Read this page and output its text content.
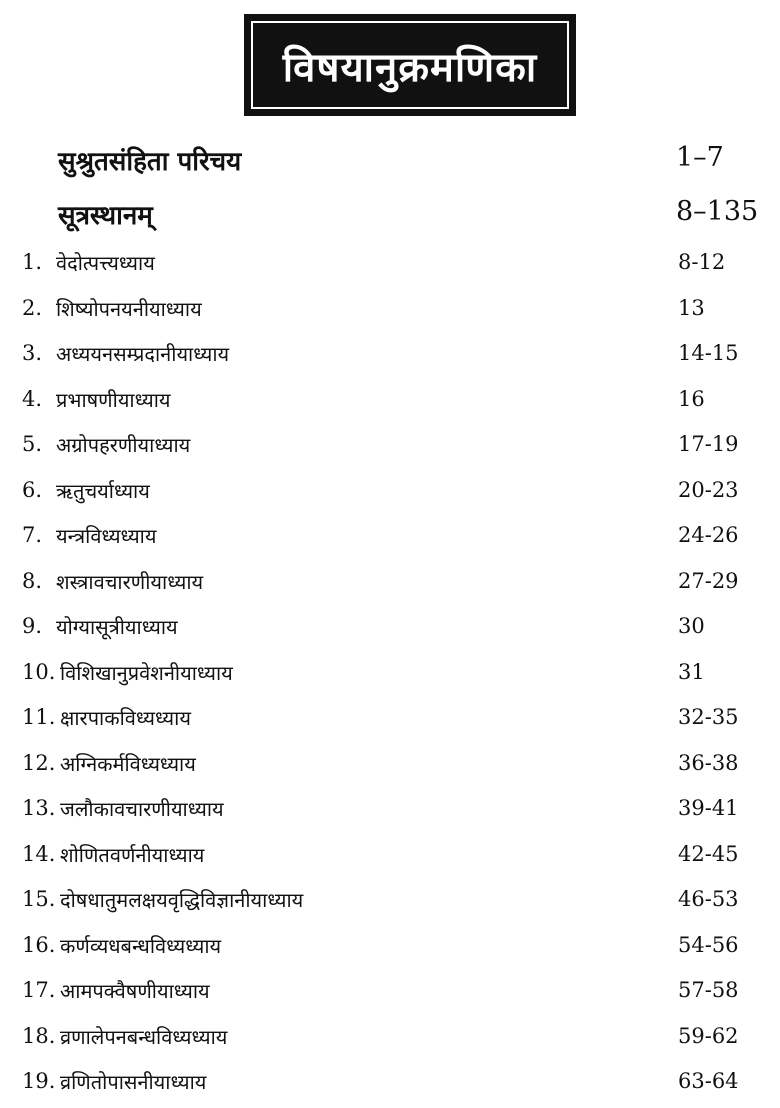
विषयानुक्रमणिका
सुश्रुतसंहिता परिचय	1–7
सूत्रस्थानम्	8–135
1. वेदोत्पत्त्यध्याय	8-12
2. शिष्योपनयनीयाध्याय	13
3. अध्ययनसम्प्रदानीयाध्याय	14-15
4. प्रभाषणीयाध्याय	16
5. अग्रोपहरणीयाध्याय	17-19
6. ऋतुचर्याध्याय	20-23
7. यन्त्रविध्यध्याय	24-26
8. शस्त्रावचारणीयाध्याय	27-29
9. योग्यासूत्रीयाध्याय	30
10. विशिखानुप्रवेशनीयाध्याय	31
11. क्षारपाकविध्यध्याय	32-35
12. अग्निकर्मविध्यध्याय	36-38
13. जलौकावचारणीयाध्याय	39-41
14. शोणितवर्णनीयाध्याय	42-45
15. दोषधातुमलक्षयवृद्धिविज्ञानीयाध्याय	46-53
16. कर्णव्यधबन्धविध्यध्याय	54-56
17. आमपक्वैषणीयाध्याय	57-58
18. व्रणालेपनबन्धविध्यध्याय	59-62
19. व्रणितोपासनीयाध्याय	63-64
